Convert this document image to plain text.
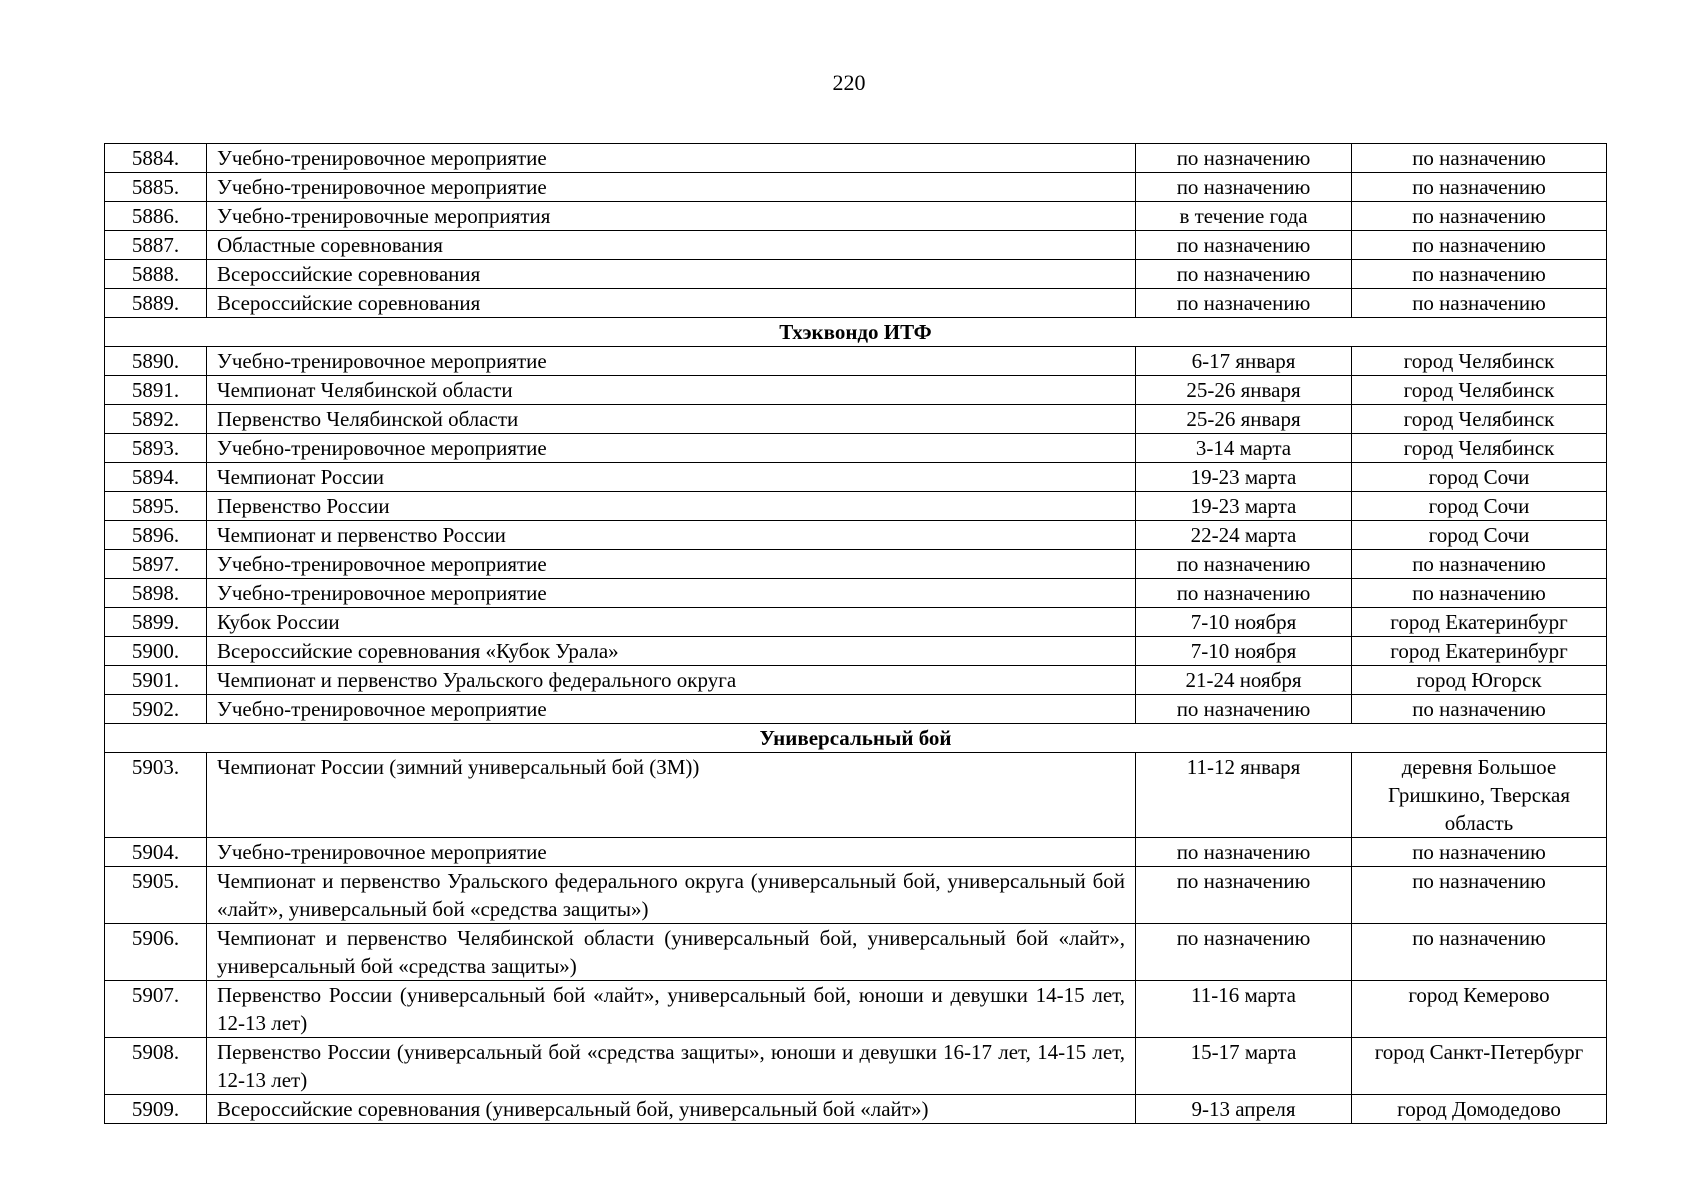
220
5884.	Учебно-тренировочное мероприятие	по назначению	по назначению
5885.	Учебно-тренировочное мероприятие	по назначению	по назначению
5886.	Учебно-тренировочные мероприятия	в течение года	по назначению
5887.	Областные соревнования	по назначению	по назначению
5888.	Всероссийские соревнования	по назначению	по назначению
5889.	Всероссийские соревнования	по назначению	по назначению
Тхэквондо ИТФ			
5890.	Учебно-тренировочное мероприятие	6-17 января	город Челябинск
5891.	Чемпионат Челябинской области	25-26 января	город Челябинск
5892.	Первенство Челябинской области	25-26 января	город Челябинск
5893.	Учебно-тренировочное мероприятие	3-14 марта	город Челябинск
5894.	Чемпионат России	19-23 марта	город Сочи
5895.	Первенство России	19-23 марта	город Сочи
5896.	Чемпионат и первенство России	22-24 марта	город Сочи
5897.	Учебно-тренировочное мероприятие	по назначению	по назначению
5898.	Учебно-тренировочное мероприятие	по назначению	по назначению
5899.	Кубок России	7-10 ноября	город Екатеринбург
5900.	Всероссийские соревнования «Кубок Урала»	7-10 ноября	город Екатеринбург
5901.	Чемпионат и первенство Уральского федерального округа	21-24 ноября	город Югорск
5902.	Учебно-тренировочное мероприятие	по назначению	по назначению
Универсальный бой			
5903.	Чемпионат России (зимний универсальный бой (ЗМ))	11-12 января	деревня Большое Гришкино, Тверская область
5904.	Учебно-тренировочное мероприятие	по назначению	по назначению
5905.	Чемпионат и первенство Уральского федерального округа (универсальный бой, универсальный бой «лайт», универсальный бой «средства защиты»)	по назначению	по назначению
5906.	Чемпионат и первенство Челябинской области (универсальный бой, универсальный бой «лайт», универсальный бой «средства защиты»)	по назначению	по назначению
5907.	Первенство России (универсальный бой «лайт», универсальный бой, юноши и девушки 14-15 лет, 12-13 лет)	11-16 марта	город Кемерово
5908.	Первенство России (универсальный бой «средства защиты», юноши и девушки 16-17 лет, 14-15 лет, 12-13 лет)	15-17 марта	город Санкт-Петербург
5909.	Всероссийские соревнования (универсальный бой, универсальный бой «лайт»)	9-13 апреля	город Домодедово
